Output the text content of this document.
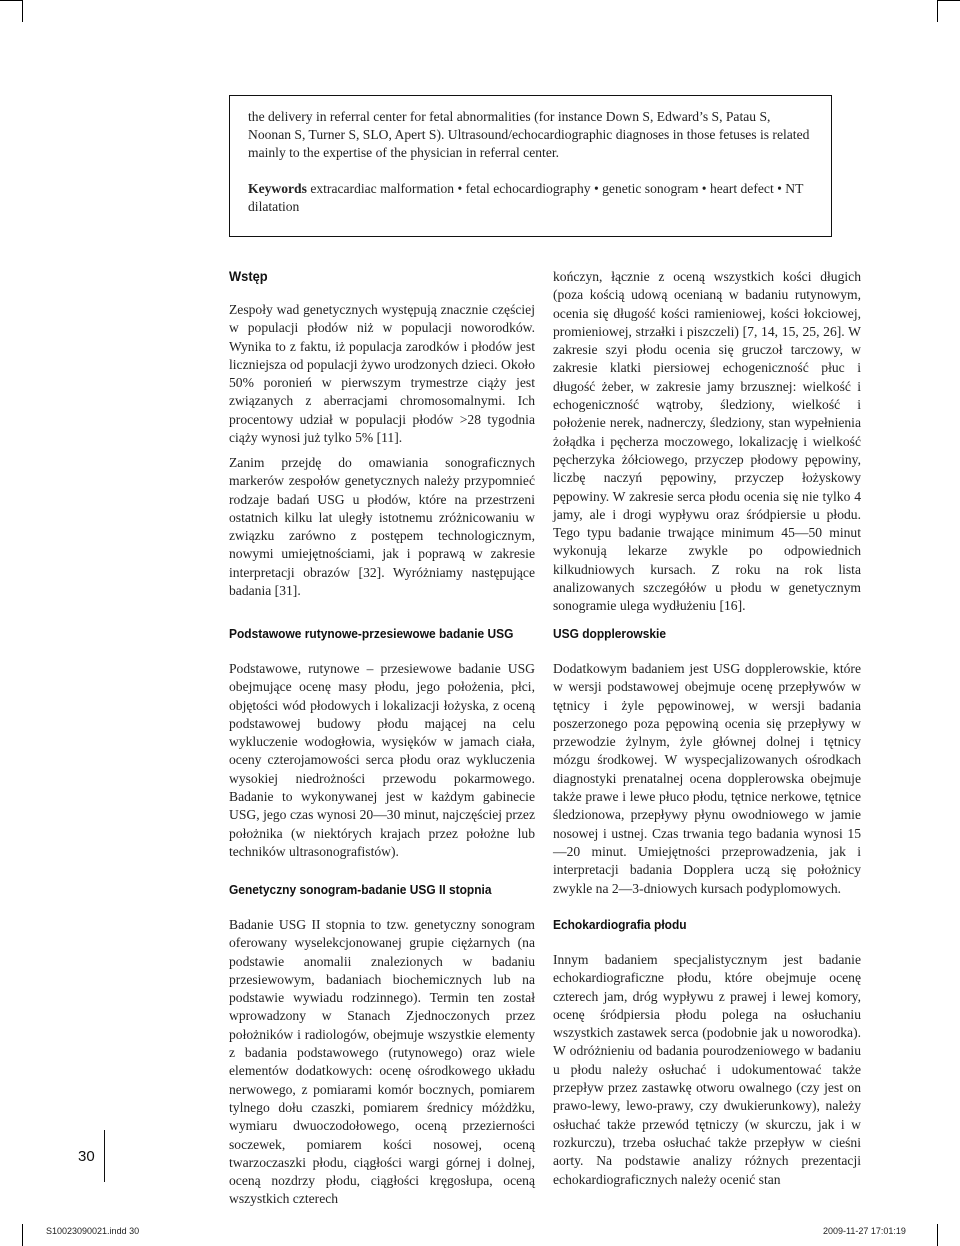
the delivery in referral center for fetal abnormalities (for instance Down S, Edward’s S, Patau S, Noonan S, Turner S, SLO, Apert S). Ultrasound/echocardiographic diagnoses in those fetuses is related mainly to the expertise of the physician in referral center.

Keywords extracardiac malformation • fetal echocardiography • genetic sonogram • heart defect • NT dilatation

Wstęp

Zespoły wad genetycznych występują znacznie częściej w populacji płodów niż w populacji noworodków. Wynika to z faktu, iż populacja zarodków i płodów jest liczniejsza od populacji żywo urodzonych dzieci. Około 50% poronień w pierwszym trymestrze ciąży jest związanych z aberracjami chromosomalnymi. Ich procentowy udział w populacji płodów >28 tygodnia ciąży wynosi już tylko 5% [11].

Zanim przejdę do omawiania sonograficznych markerów zespołów genetycznych należy przypomnieć rodzaje badań USG u płodów, które na przestrzeni ostatnich kilku lat uległy istotnemu zróżnicowaniu w związku zarówno z postępem technologicznym, nowymi umiejętnościami, jak i poprawą w zakresie interpretacji obrazów [32]. Wyróżniamy następujące badania [31].

kończyn, łącznie z oceną wszystkich kości długich (poza kością udową ocenianą w badaniu rutynowym, ocenia się długość kości ramieniowej, kości łokciowej, promieniowej, strzałki i piszczeli) [7, 14, 15, 25, 26]. W zakresie szyi płodu ocenia się gruczoł tarczowy, w zakresie klatki piersiowej echogeniczność płuc i długość żeber, w zakresie jamy brzusznej: wielkość i echogeniczność wątroby, śledziony, wielkość i położenie nerek, nadnerczy, śledziony, stan wypełnienia żołądka i pęcherza moczowego, lokalizację i wielkość pęcherzyka żółciowego, przyczep płodowy pępowiny, liczbę naczyń pępowiny, przyczep łożyskowy pępowiny. W zakresie serca płodu ocenia się nie tylko 4 jamy, ale i drogi wypływu oraz śródpiersie u płodu. Tego typu badanie trwające minimum 45—50 minut wykonują lekarze zwykle po odpowiednich kilkudniowych kursach. Z roku na rok lista analizowanych szczegółów u płodu w genetycznym sonogramie ulega wydłużeniu [16].

Podstawowe rutynowe-przesiewowe badanie USG

Podstawowe, rutynowe – przesiewowe badanie USG obejmujące ocenę masy płodu, jego położenia, płci, objętości wód płodowych i lokalizacji łożyska, z oceną podstawowej budowy płodu mającej na celu wykluczenie wodogłowia, wysięków w jamach ciała, oceny czterojamowości serca płodu oraz wykluczenia wysokiej niedrożności przewodu pokarmowego. Badanie to wykonywanej jest w każdym gabinecie USG, jego czas wynosi 20—30 minut, najczęściej przez położnika (w niektórych krajach przez położne lub techników ultrasonografistów).

Genetyczny sonogram-badanie USG II stopnia

Badanie USG II stopnia to tzw. genetyczny sonogram oferowany wyselekcjonowanej grupie ciężarnych (na podstawie anomalii znalezionych w badaniu przesiewowym, badaniach biochemicznych lub na podstawie wywiadu rodzinnego). Termin ten został wprowadzony w Stanach Zjednoczonych przez położników i radiologów, obejmuje wszystkie elementy z badania podstawowego (rutynowego) oraz wiele elementów dodatkowych: ocenę ośrodkowego układu nerwowego, z pomiarami komór bocznych, pomiarem tylnego dołu czaszki, pomiarem średnicy móżdżku, wymiaru dwuoczodołowego, oceną przezierności soczewek, pomiarem kości nosowej, oceną twarzoczaszki płodu, ciągłości wargi górnej i dolnej, oceną nozdrzy płodu, ciągłości kręgosłupa, oceną wszystkich czterech

USG dopplerowskie

Dodatkowym badaniem jest USG dopplerowskie, które w wersji podstawowej obejmuje ocenę przepływów w tętnicy i żyle pępowinowej, w wersji badania poszerzonego poza pępowiną ocenia się przepływy w przewodzie żylnym, żyle głównej dolnej i tętnicy mózgu środkowej. W wyspecjalizowanych ośrodkach diagnostyki prenatalnej ocena dopplerowska obejmuje także prawe i lewe płuco płodu, tętnice nerkowe, tętnice śledzionowa, przepływy płynu owodniowego w jamie nosowej i ustnej. Czas trwania tego badania wynosi 15—20 minut. Umiejętności przeprowadzenia, jak i interpretacji badania Dopplera uczą się położnicy zwykle na 2—3-dniowych kursach podyplomowych.

Echokardiografia płodu

Innym badaniem specjalistycznym jest badanie echokardiograficzne płodu, które obejmuje ocenę czterech jam, dróg wypływu z prawej i lewej komory, ocenę śródpiersia płodu polega na osłuchaniu wszystkich zastawek serca (podobnie jak u noworodka). W odróżnieniu od badania pourodzeniowego w badaniu u płodu należy osłuchać i udokumentować także przepływ przez zastawkę otworu owalnego (czy jest on prawo-lewy, lewo-prawy, czy dwukierunkowy), należy osłuchać także przewód tętniczy (w skurczu, jak i w rozkurczu), trzeba osłuchać także przepływ w cieśni aorty. Na podstawie analizy różnych prezentacji echokardiograficznych należy ocenić stan

30
S10023090021.indd 30	2009-11-27 17:01:19
